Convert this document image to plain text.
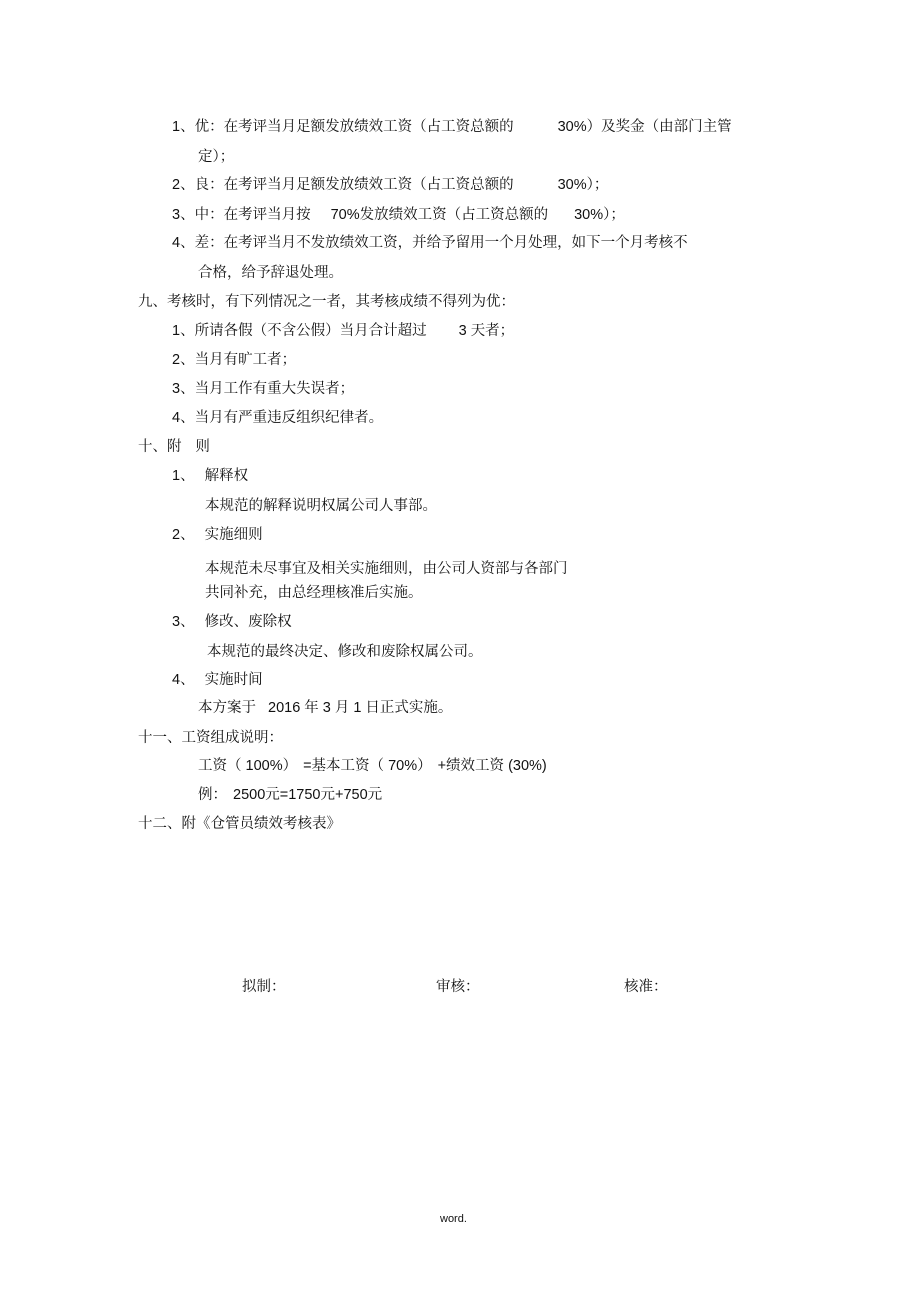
1、优：在考评当月足额发放绩效工资（占工资总额的	30%）及奖金（由部门主管
定）；
2、良：在考评当月足额发放绩效工资（占工资总额的	30%）；
3、中：在考评当月按 70%发放绩效工资（占工资总额的 30%）；
4、差：在考评当月不发放绩效工资，并给予留用一个月处理，如下一个月考核不
合格，给予辞退处理。
九、考核时，有下列情况之一者，其考核成绩不得列为优：
1、所请各假（不含公假）当月合计超过 3 天者；
2、当月有旷工者；
3、当月工作有重大失误者；
4、当月有严重违反组织纪律者。
十、附   则
1、 解释权
本规范的解释说明权属公司人事部。
2、 实施细则
本规范未尽事宜及相关实施细则，由公司人资部与各部门
共同补充，由总经理核准后实施。
3、 修改、废除权
本规范的最终决定、修改和废除权属公司。
4、 实施时间
本方案于 2016 年 3 月 1 日正式实施。
十一、工资组成说明：
工资（ 100%） =基本工资（ 70%） +绩效工资 (30%)
例： 2500元=1750元+750元
十二、附《仓管员绩效考核表》
拟制：	审核：	核准：
word.
